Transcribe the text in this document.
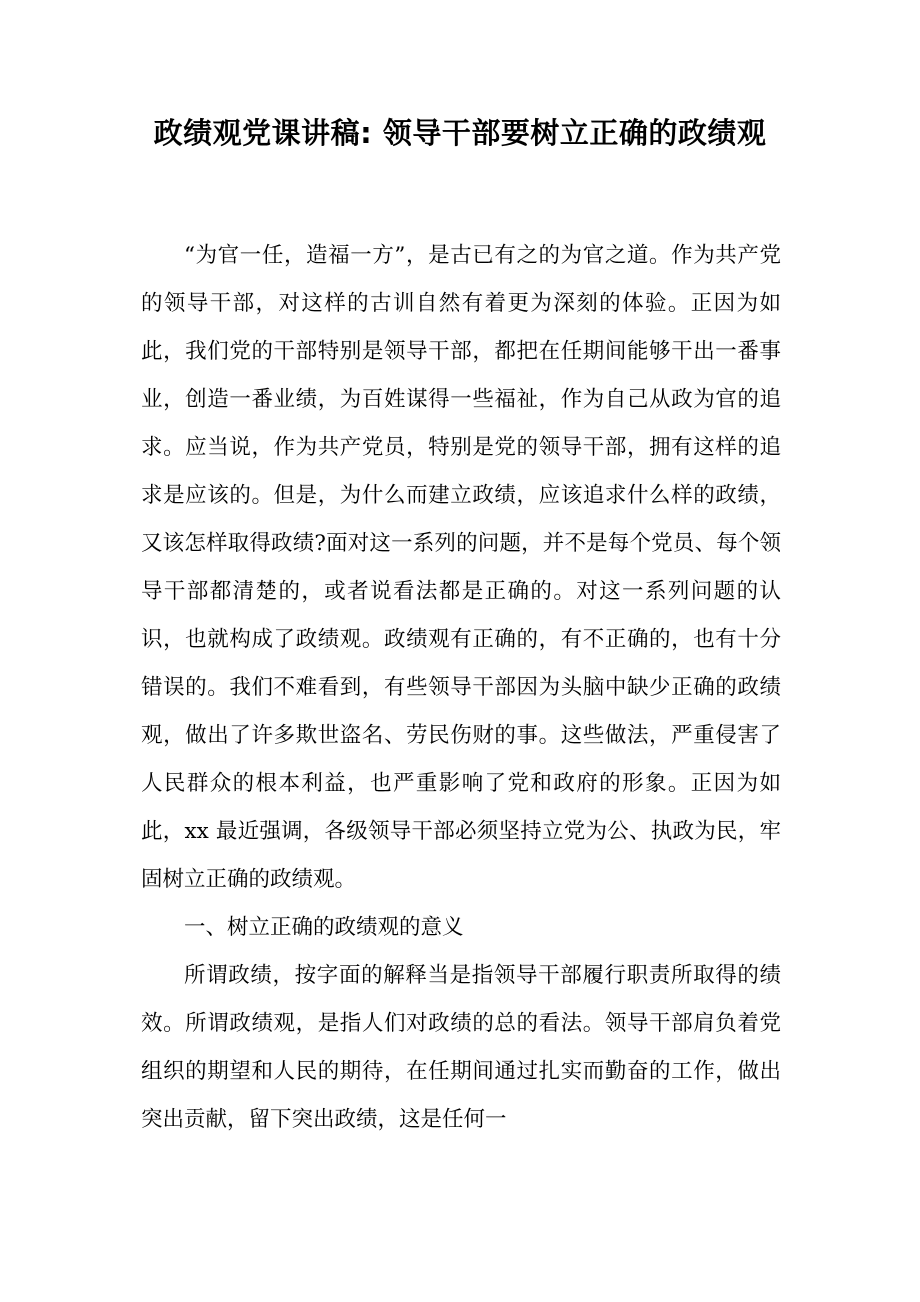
政绩观党课讲稿: 领导干部要树立正确的政绩观

“为官一任，造福一方”，是古已有之的为官之道。作为共产党的领导干部，对这样的古训自然有着更为深刻的体验。正因为如此，我们党的干部特别是领导干部，都把在任期间能够干出一番事业，创造一番业绩，为百姓谋得一些福祉，作为自己从政为官的追求。应当说，作为共产党员，特别是党的领导干部，拥有这样的追求是应该的。但是，为什么而建立政绩，应该追求什么样的政绩，又该怎样取得政绩?面对这一系列的问题，并不是每个党员、每个领导干部都清楚的，或者说看法都是正确的。对这一系列问题的认识，也就构成了政绩观。政绩观有正确的，有不正确的，也有十分错误的。我们不难看到，有些领导干部因为头脑中缺少正确的政绩观，做出了许多欺世盗名、劳民伤财的事。这些做法，严重侵害了人民群众的根本利益，也严重影响了党和政府的形象。正因为如此，xx 最近强调，各级领导干部必须坚持立党为公、执政为民，牢固树立正确的政绩观。

一、树立正确的政绩观的意义

所谓政绩，按字面的解释当是指领导干部履行职责所取得的绩效。所谓政绩观，是指人们对政绩的总的看法。领导干部肩负着党组织的期望和人民的期待，在任期间通过扎实而勤奋的工作，做出突出贡献，留下突出政绩，这是任何一
